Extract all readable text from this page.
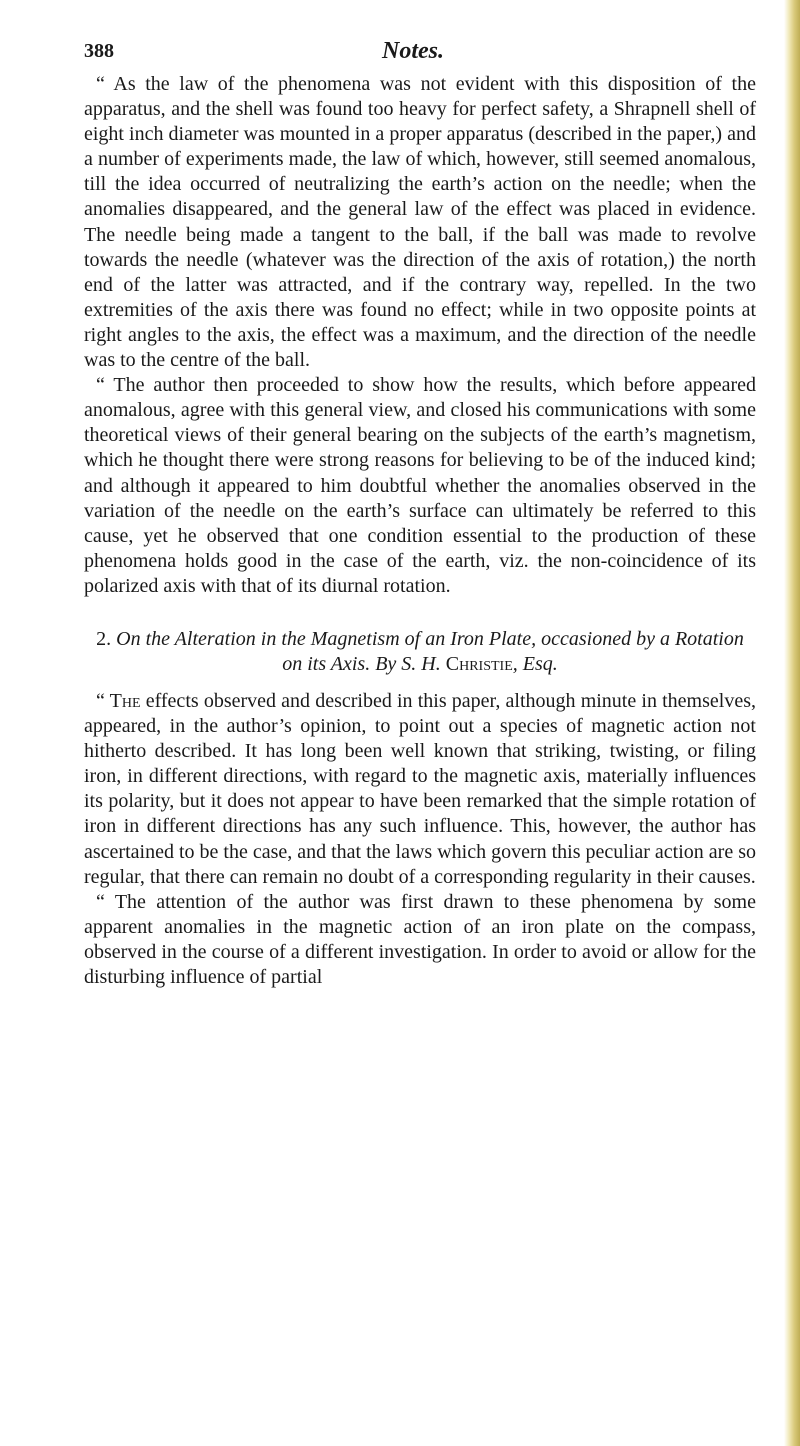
388	Notes.

“ As the law of the phenomena was not evident with this disposition of the apparatus, and the shell was found too heavy for perfect safety, a Shrapnell shell of eight inch diameter was mounted in a proper apparatus (described in the paper,) and a number of experiments made, the law of which, however, still seemed anomalous, till the idea occurred of neutralizing the earth’s action on the needle; when the anomalies disappeared, and the general law of the effect was placed in evidence. The needle being made a tangent to the ball, if the ball was made to revolve towards the needle (whatever was the direction of the axis of rotation,) the north end of the latter was attracted, and if the contrary way, repelled. In the two extremities of the axis there was found no effect; while in two opposite points at right angles to the axis, the effect was a maximum, and the direction of the needle was to the centre of the ball.

“ The author then proceeded to show how the results, which before appeared anomalous, agree with this general view, and closed his communications with some theoretical views of their general bearing on the subjects of the earth’s magnetism, which he thought there were strong reasons for believing to be of the induced kind; and although it appeared to him doubtful whether the anomalies observed in the variation of the needle on the earth’s surface can ultimately be referred to this cause, yet he observed that one condition essential to the production of these phenomena holds good in the case of the earth, viz. the non-coincidence of its polarized axis with that of its diurnal rotation.

2. On the Alteration in the Magnetism of an Iron Plate, occasioned by a Rotation on its Axis. By S. H. Christie, Esq.

“ The effects observed and described in this paper, although minute in themselves, appeared, in the author’s opinion, to point out a species of magnetic action not hitherto described. It has long been well known that striking, twisting, or filing iron, in different directions, with regard to the magnetic axis, materially influences its polarity, but it does not appear to have been remarked that the simple rotation of iron in different directions has any such influence. This, however, the author has ascertained to be the case, and that the laws which govern this peculiar action are so regular, that there can remain no doubt of a corresponding regularity in their causes.

“ The attention of the author was first drawn to these phenomena by some apparent anomalies in the magnetic action of an iron plate on the compass, observed in the course of a different investigation. In order to avoid or allow for the disturbing influence of partial
